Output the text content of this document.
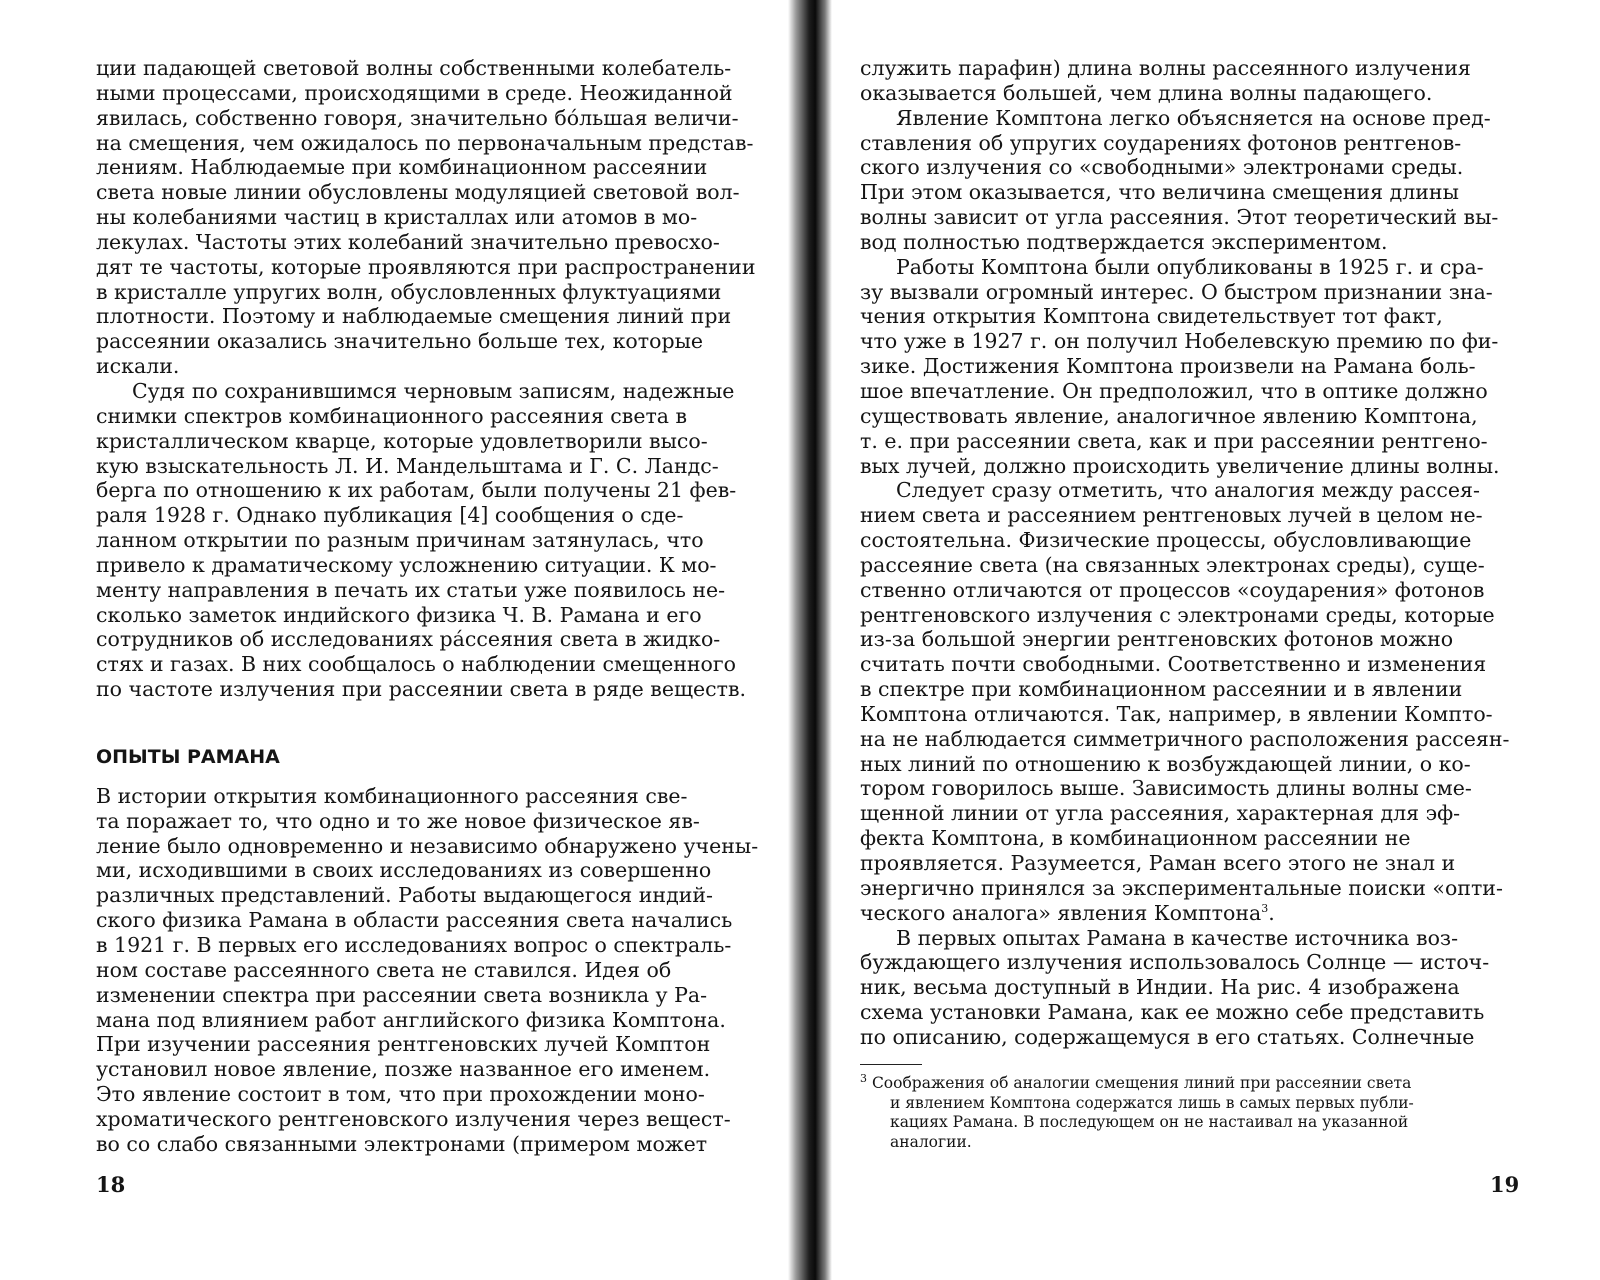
ции падающей световой волны собственными колебатель-
ными процессами, происходящими в среде. Неожиданной
явилась, собственно говоря, значительно бо́льшая величи-
на смещения, чем ожидалось по первоначальным представ-
лениям. Наблюдаемые при комбинационном рассеянии
света новые линии обусловлены модуляцией световой вол-
ны колебаниями частиц в кристаллах или атомов в мо-
лекулах. Частоты этих колебаний значительно превосхо-
дят те частоты, которые проявляются при распространении
в кристалле упругих волн, обусловленных флуктуациями
плотности. Поэтому и наблюдаемые смещения линий при
рассеянии оказались значительно больше тех, которые
искали.
Судя по сохранившимся черновым записям, надежные
снимки спектров комбинационного рассеяния света в
кристаллическом кварце, которые удовлетворили высо-
кую взыскательность Л. И. Мандельштама и Г. С. Ландс-
берга по отношению к их работам, были получены 21 фев-
раля 1928 г. Однако публикация [4] сообщения о сде-
ланном открытии по разным причинам затянулась, что
привело к драматическому усложнению ситуации. К мо-
менту направления в печать их статьи уже появилось не-
сколько заметок индийского физика Ч. В. Рамана и его
сотрудников об исследованиях ра́ссеяния света в жидко-
стях и газах. В них сообщалось о наблюдении смещенного
по частоте излучения при рассеянии света в ряде веществ.
ОПЫТЫ РАМАНА
В истории открытия комбинационного рассеяния све-
та поражает то, что одно и то же новое физическое яв-
ление было одновременно и независимо обнаружено учены-
ми, исходившими в своих исследованиях из совершенно
различных представлений. Работы выдающегося индий-
ского физика Рамана в области рассеяния света начались
в 1921 г. В первых его исследованиях вопрос о спектраль-
ном составе рассеянного света не ставился. Идея об
изменении спектра при рассеянии света возникла у Ра-
мана под влиянием работ английского физика Комптона.
При изучении рассеяния рентгеновских лучей Комптон
установил новое явление, позже названное его именем.
Это явление состоит в том, что при прохождении моно-
хроматического рентгеновского излучения через вещест-
во со слабо связанными электронами (примером может
18
служить парафин) длина волны рассеянного излучения
оказывается большей, чем длина волны падающего.
Явление Комптона легко объясняется на основе пред-
ставления об упругих соударениях фотонов рентгенов-
ского излучения со «свободными» электронами среды.
При этом оказывается, что величина смещения длины
волны зависит от угла рассеяния. Этот теоретический вы-
вод полностью подтверждается экспериментом.
Работы Комптона были опубликованы в 1925 г. и сра-
зу вызвали огромный интерес. О быстром признании зна-
чения открытия Комптона свидетельствует тот факт,
что уже в 1927 г. он получил Нобелевскую премию по фи-
зике. Достижения Комптона произвели на Рамана боль-
шое впечатление. Он предположил, что в оптике должно
существовать явление, аналогичное явлению Комптона,
т. е. при рассеянии света, как и при рассеянии рентгено-
вых лучей, должно происходить увеличение длины волны.
Следует сразу отметить, что аналогия между рассея-
нием света и рассеянием рентгеновых лучей в целом не-
состоятельна. Физические процессы, обусловливающие
рассеяние света (на связанных электронах среды), суще-
ственно отличаются от процессов «соударения» фотонов
рентгеновского излучения с электронами среды, которые
из-за большой энергии рентгеновских фотонов можно
считать почти свободными. Соответственно и изменения
в спектре при комбинационном рассеянии и в явлении
Комптона отличаются. Так, например, в явлении Компто-
на не наблюдается симметричного расположения рассеян-
ных линий по отношению к возбуждающей линии, о ко-
тором говорилось выше. Зависимость длины волны сме-
щенной линии от угла рассеяния, характерная для эф-
фекта Комптона, в комбинационном рассеянии не
проявляется. Разумеется, Раман всего этого не знал и
энергично принялся за экспериментальные поиски «опти-
ческого аналога» явления Комптона$^3$.
В первых опытах Рамана в качестве источника воз-
буждающего излучения использовалось Солнце — источ-
ник, весьма доступный в Индии. На рис. 4 изображена
схема установки Рамана, как ее можно себе представить
по описанию, содержащемуся в его статьях. Солнечные
$^3$ Соображения об аналогии смещения линий при рассеянии света
и явлением Комптона содержатся лишь в самых первых публи-
кациях Рамана. В последующем он не настаивал на указанной
аналогии.
19
